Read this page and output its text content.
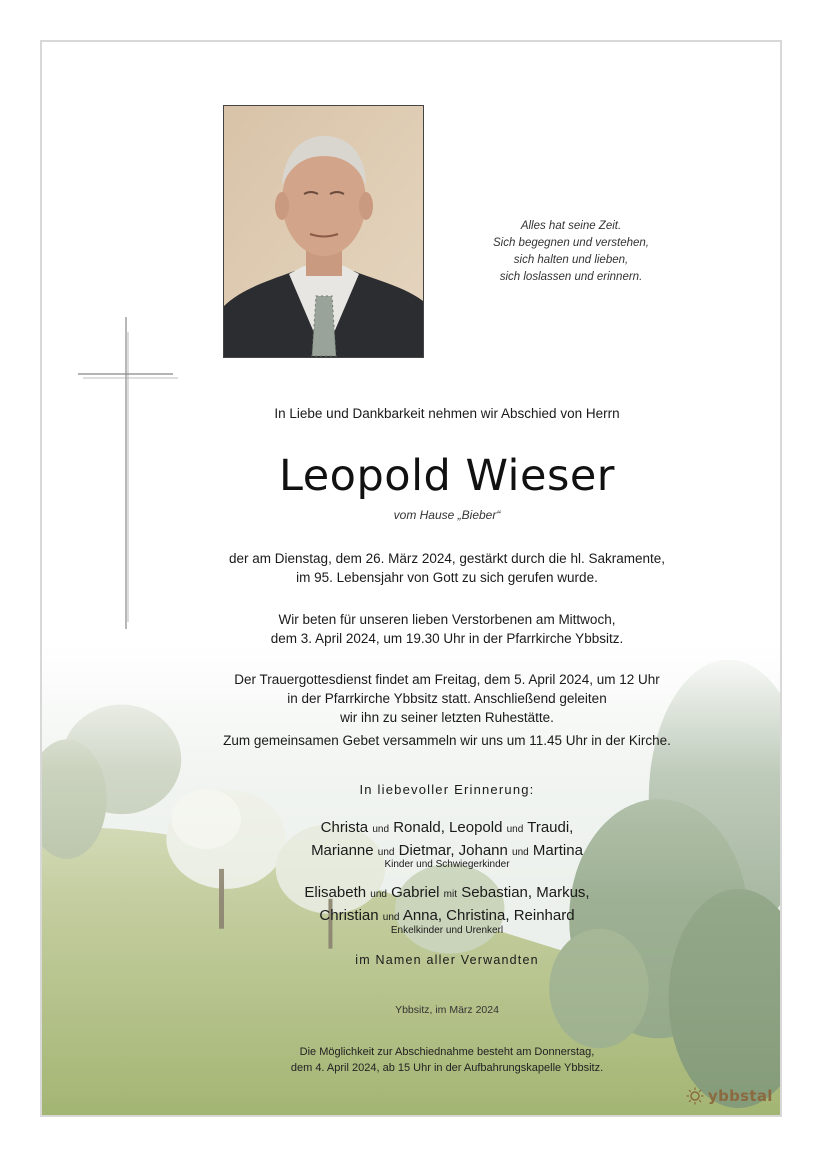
Alles hat seine Zeit.
Sich begegnen und verstehen,
sich halten und lieben,
sich loslassen und erinnern.
In Liebe und Dankbarkeit nehmen wir Abschied von Herrn
Leopold Wieser
vom Hause „Bieber“
der am Dienstag, dem 26. März 2024, gestärkt durch die hl. Sakramente,
im 95. Lebensjahr von Gott zu sich gerufen wurde.
Wir beten für unseren lieben Verstorbenen am Mittwoch,
dem 3. April 2024, um 19.30 Uhr in der Pfarrkirche Ybbsitz.
Der Trauergottesdienst findet am Freitag, dem 5. April 2024, um 12 Uhr
in der Pfarrkirche Ybbsitz statt. Anschließend geleiten
wir ihn zu seiner letzten Ruhestätte.
Zum gemeinsamen Gebet versammeln wir uns um 11.45 Uhr in der Kirche.
In liebevoller Erinnerung:
Christa und Ronald, Leopold und Traudi,
Marianne und Dietmar, Johann und Martina
Kinder und Schwiegerkinder
Elisabeth und Gabriel mit Sebastian, Markus,
Christian und Anna, Christina, Reinhard
Enkelkinder und Urenkerl
im Namen aller Verwandten
Ybbsitz, im März 2024
Die Möglichkeit zur Abschiednahme besteht am Donnerstag,
dem 4. April 2024, ab 15 Uhr in der Aufbahrungskapelle Ybbsitz.
ybbstal
